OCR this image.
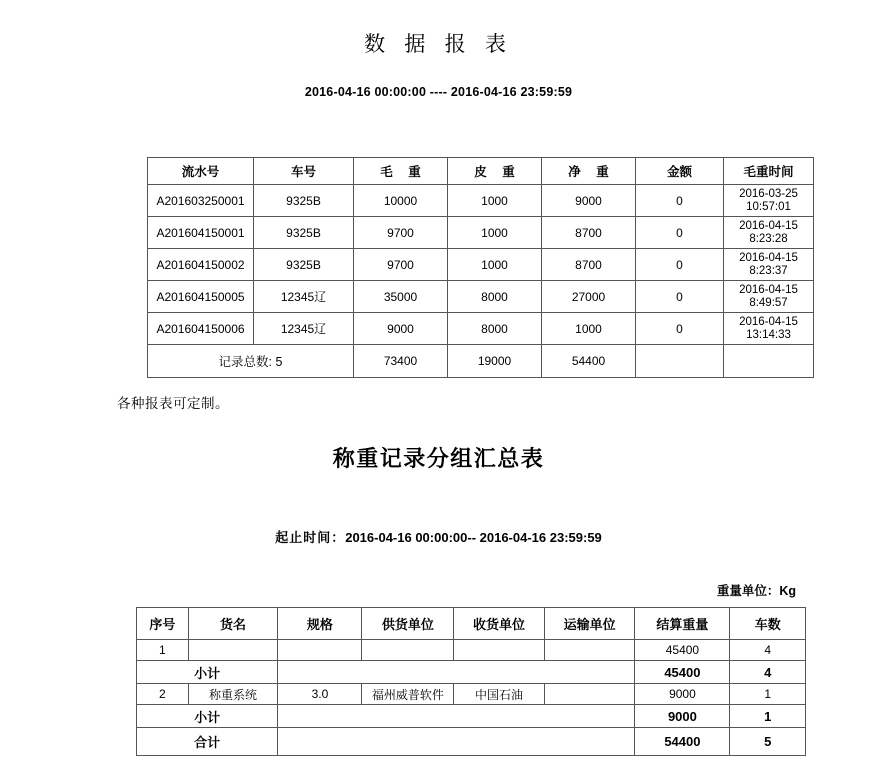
数 据 报 表
2016-04-16 00:00:00 ---- 2016-04-16 23:59:59
流水号	车号	毛 重	皮 重	净 重	金额	毛重时间
A201603250001	9325B	10000	1000	9000	0	2016-03-25
10:57:01

A201604150001	9325B	9700	1000	8700	0	2016-04-15
8:23:28

A201604150002	9325B	9700	1000	8700	0	2016-04-15
8:23:37

A201604150005	12345辽	35000	8000	27000	0	2016-04-15
8:49:57

A201604150006	12345辽	9000	8000	1000	0	2016-04-15
13:14:33

记录总数: 5		73400	19000	54400		
各种报表可定制。
称重记录分组汇总表
起止时间：2016-04-16 00:00:00-- 2016-04-16 23:59:59
重量单位：Kg
序号	货名	规格	供货单位	收货单位	运输单位	结算重量	车数
1						45400	4
小计						45400	4
2	称重系统	3.0	福州威普软件	中国石油		9000	1
小计						9000	1
合计						54400	5
